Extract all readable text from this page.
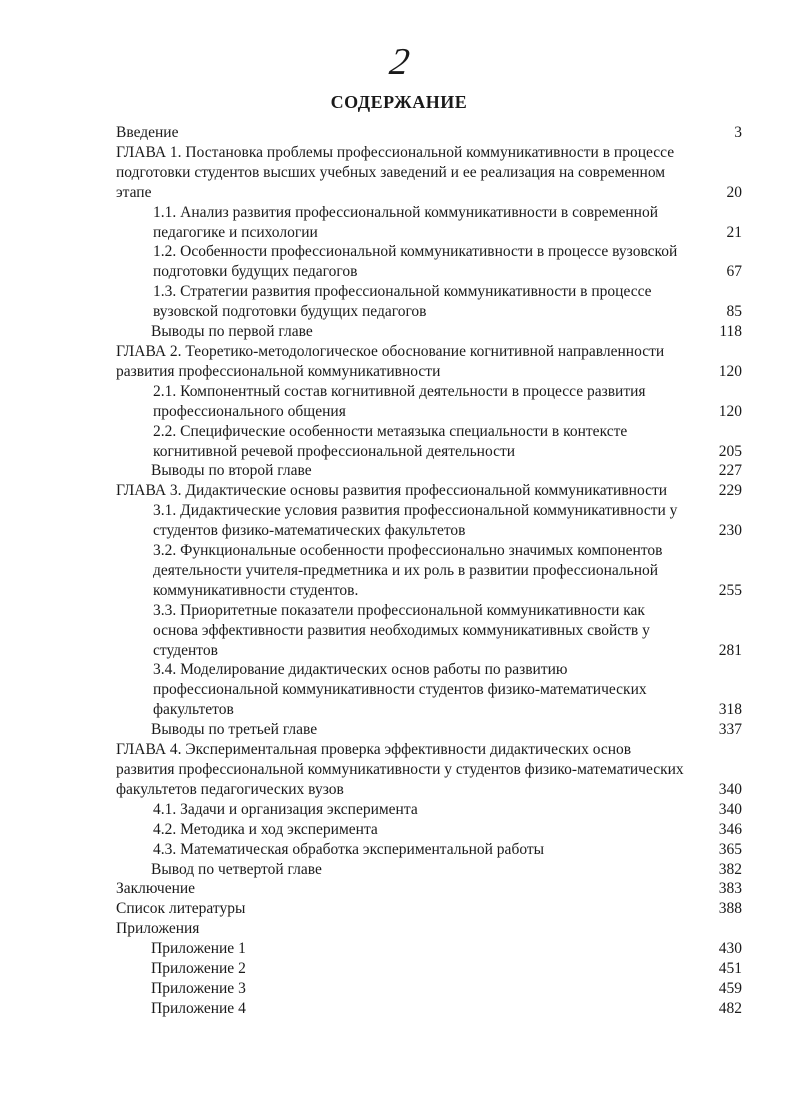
2
СОДЕРЖАНИЕ
Введение	3
ГЛАВА 1. Постановка проблемы профессиональной коммуникативности в процессе подготовки студентов высших учебных заведений и ее реализация на современном этапе	20
1.1. Анализ развития профессиональной коммуникативности в современной педагогике и психологии	21
1.2. Особенности профессиональной коммуникативности в процессе вузовской подготовки будущих педагогов	67
1.3. Стратегии развития профессиональной коммуникативности в процессе вузовской подготовки будущих педагогов	85
Выводы по первой главе	118
ГЛАВА 2. Теоретико-методологическое обоснование когнитивной направленности развития профессиональной коммуникативности	120
2.1. Компонентный состав когнитивной деятельности в процессе развития профессионального общения	120
2.2. Специфические особенности метаязыка специальности в контексте когнитивной речевой профессиональной деятельности	205
Выводы по второй главе	227
ГЛАВА 3. Дидактические основы развития профессиональной коммуникативности	229
3.1. Дидактические условия развития профессиональной коммуникативности у студентов физико-математических факультетов	230
3.2. Функциональные особенности профессионально значимых компонентов деятельности учителя-предметника и их роль в развитии профессиональной коммуникативности студентов.	255
3.3. Приоритетные показатели профессиональной коммуникативности как основа эффективности развития необходимых коммуникативных свойств у студентов	281
3.4. Моделирование дидактических основ работы по развитию профессиональной коммуникативности студентов физико-математических факультетов	318
Выводы по третьей главе	337
ГЛАВА 4. Экспериментальная проверка эффективности дидактических основ развития профессиональной коммуникативности у студентов физико-математических факультетов педагогических вузов	340
4.1. Задачи и организация эксперимента	340
4.2. Методика и ход эксперимента	346
4.3. Математическая обработка экспериментальной работы	365
Вывод по четвертой главе	382
Заключение	383
Список литературы	388
Приложения
Приложение 1	430
Приложение 2	451
Приложение 3	459
Приложение 4	482
